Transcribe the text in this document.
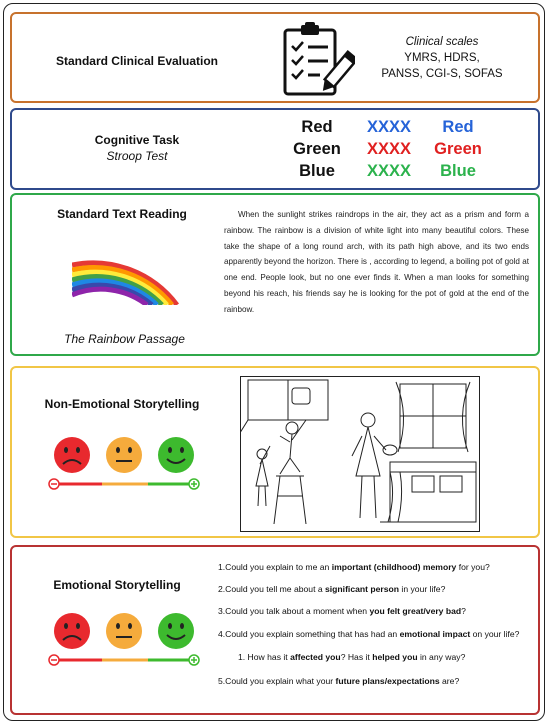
Standard Clinical Evaluation
Clinical scales
YMRS, HDRS,
PANSS, CGI-S, SOFAS
Cognitive Task
Stroop Test
Red	XXXX	Red
Green	XXXX	Green
Blue	XXXX	Blue
Standard Text Reading
The Rainbow Passage
When the sunlight strikes raindrops in the air, they act as a prism and form a rainbow. The rainbow is a division of white light into many beautiful colors. These take the shape of a long round arch, with its path high above, and its two ends apparently beyond the horizon. There is , according to legend, a boiling pot of gold at one end. People look, but no one ever finds it. When a man looks for something beyond his reach, his friends say he is looking for the pot of gold at the end of the rainbow.
Non-Emotional Storytelling
Emotional Storytelling
1.Could you explain to me an important (childhood) memory for you?
2.Could you tell me about a significant person in your life?
3.Could you talk about a moment when you felt great/very bad?
4.Could you explain something that has had an emotional impact on your life?
1. How has it affected you? Has it helped you in any way?
5.Could you explain what your future plans/expectations are?
